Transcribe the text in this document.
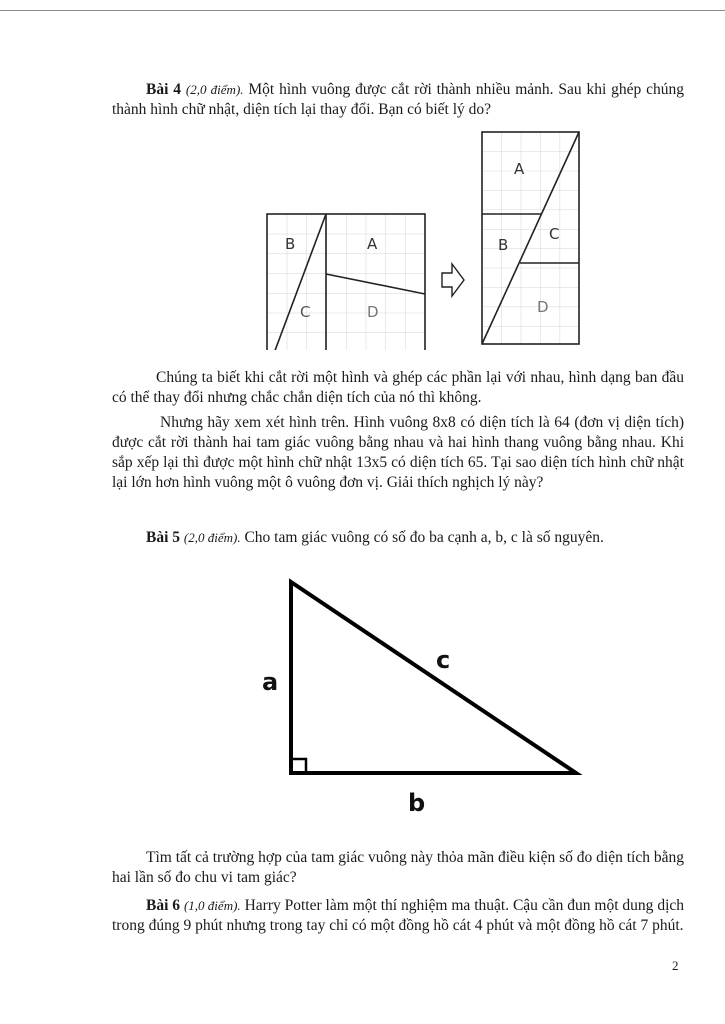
Bài 4 (2,0 điểm). Một hình vuông được cắt rời thành nhiều mảnh. Sau khi ghép chúng thành hình chữ nhật, diện tích lại thay đổi. Bạn có biết lý do?

B
C
A
D
A
B
C
D

Chúng ta biết khi cắt rời một hình và ghép các phần lại với nhau, hình dạng ban đầu có thể thay đổi nhưng chắc chắn diện tích của nó thì không.

Nhưng hãy xem xét hình trên. Hình vuông 8x8 có diện tích là 64 (đơn vị diện tích) được cắt rời thành hai tam giác vuông bằng nhau và hai hình thang vuông bằng nhau. Khi sắp xếp lại thì được một hình chữ nhật 13x5 có diện tích 65. Tại sao diện tích hình chữ nhật lại lớn hơn hình vuông một ô vuông đơn vị. Giải thích nghịch lý này?

Bài 5 (2,0 điểm). Cho tam giác vuông có số đo ba cạnh a, b, c là số nguyên.

a
c
b

Tìm tất cả trường hợp của tam giác vuông này thỏa mãn điều kiện số đo diện tích bằng hai lần số đo chu vi tam giác?

Bài 6 (1,0 điểm). Harry Potter làm một thí nghiệm ma thuật. Cậu cần đun một dung dịch trong đúng 9 phút nhưng trong tay chỉ có một đồng hồ cát 4 phút và một đồng hồ cát 7 phút.

2
